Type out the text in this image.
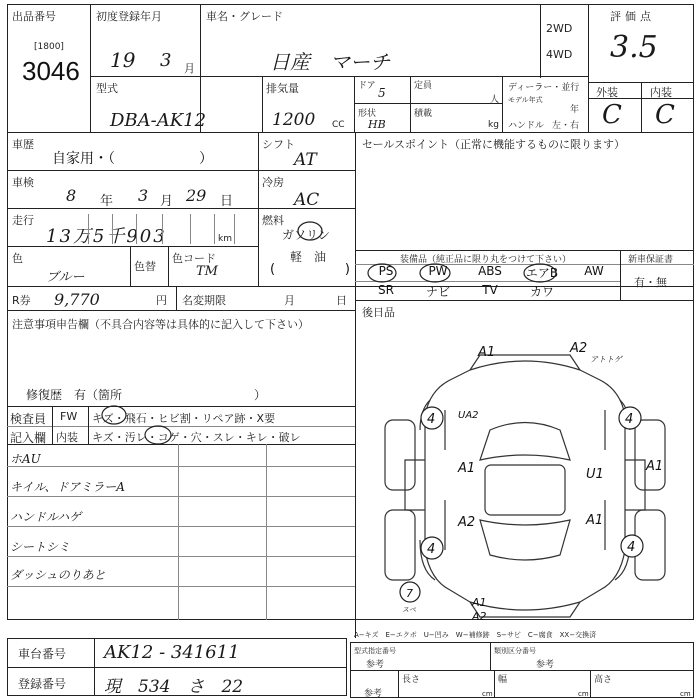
出品番号
[1800]
3046
初度登録年月
19 3 月
車名・グレード
日産　マーチ
2WD
4WD
評価点
3.5
外装	内装
C C
型式
DBA-AK12
排気量
1200 CC
ドア 5
形状
HB
定員
人
積載
kg
ディーラー・並行
モデル年式
年
ハンドル 左・右
車歴
自家用・（　　　　　　）
シフト
AT
セールスポイント（正常に機能するものに限ります）
車検
8 年 3 月 29 日
冷房
AC
走行
13万5千903	km
燃料
ガソリン
軽　油
(	)
色
ブルー
色替
色コード
TM
装備品（純正品に限り丸をつけて下さい）	新車保証書
有・無
PS	PW	ABS	エアB	AW
SR	ナビ	TV	カワ
後日品
R券 9,770	円 名変期限	月	日
注意事項申告欄（不具合内容等は具体的に記入して下さい）
修復歴　有（箇所　　　　　　　　　　　）
検査員
記入欄
FW キズ・飛石・ヒビ割・リペア跡・X要
内装 キズ・汚レ・コゲ・穴・スレ・キレ・破レ
ホAU
キイル、ドアミラーA
ハンドルハゲ
シートシミ
ダッシュのりあと
A1	A2
アトトゲ
UA2
4	4
4	4
A1	U1
A1
A2	A1
7
スペ
A1
A2
A−キズ　E−エクボ　U−凹み　W−補修跡　S−サビ　C−腐食　XX−交換済
車台番号 AK12 - 341611
登録番号 現　534　さ　22
型式指定番号
参考
類別区分番号
参考
参考
長さ
cm
幅
cm
高さ
cm
